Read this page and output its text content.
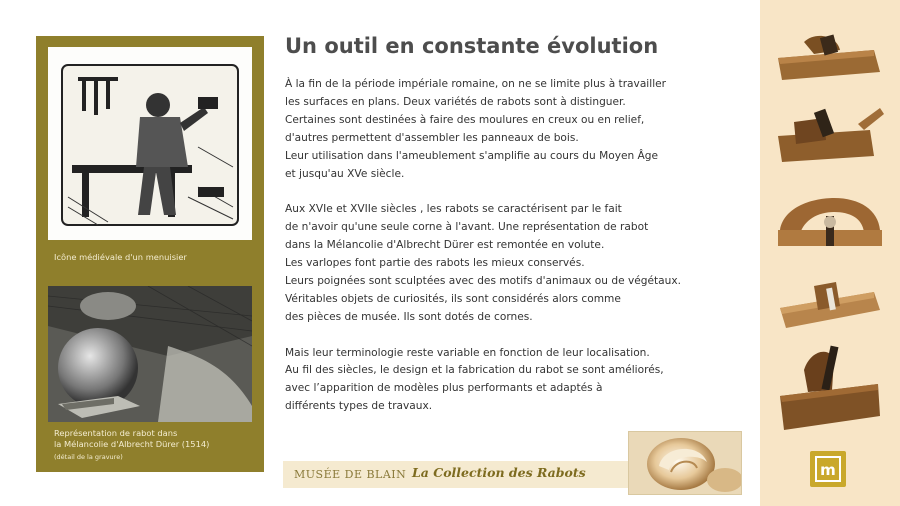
Icône médiévale d'un menuisier
Représentation de rabot dans
la Mélancolie d'Albrecht Dürer (1514)
(détail de la gravure)
Un outil en constante évolution

À la fin de la période impériale romaine, on ne se limite plus à travailler
les surfaces en plans. Deux variétés de rabots sont à distinguer.
Certaines sont destinées à faire des moulures en creux ou en relief,
d'autres permettent d'assembler les panneaux de bois.
Leur utilisation dans l'ameublement s'amplifie au cours du Moyen Âge
et jusqu'au XVe siècle.

Aux XVIe et XVIIe siècles , les rabots se caractérisent par le fait
de n'avoir qu'une seule corne à l'avant. Une représentation de rabot
dans la Mélancolie d'Albrecht Dürer est remontée en volute.
Les varlopes font partie des rabots les mieux conservés.
Leurs poignées sont sculptées avec des motifs d'animaux ou de végétaux.
Véritables objets de curiosités, ils sont considérés alors comme
des pièces de musée. Ils sont dotés de cornes.

Mais leur terminologie reste variable en fonction de leur localisation.
Au fil des siècles, le design et la fabrication du rabot se sont améliorés,
avec l’apparition de modèles plus performants et adaptés à
différents types de travaux.

MUSÉE DE BLAIN La Collection des Rabots	m
